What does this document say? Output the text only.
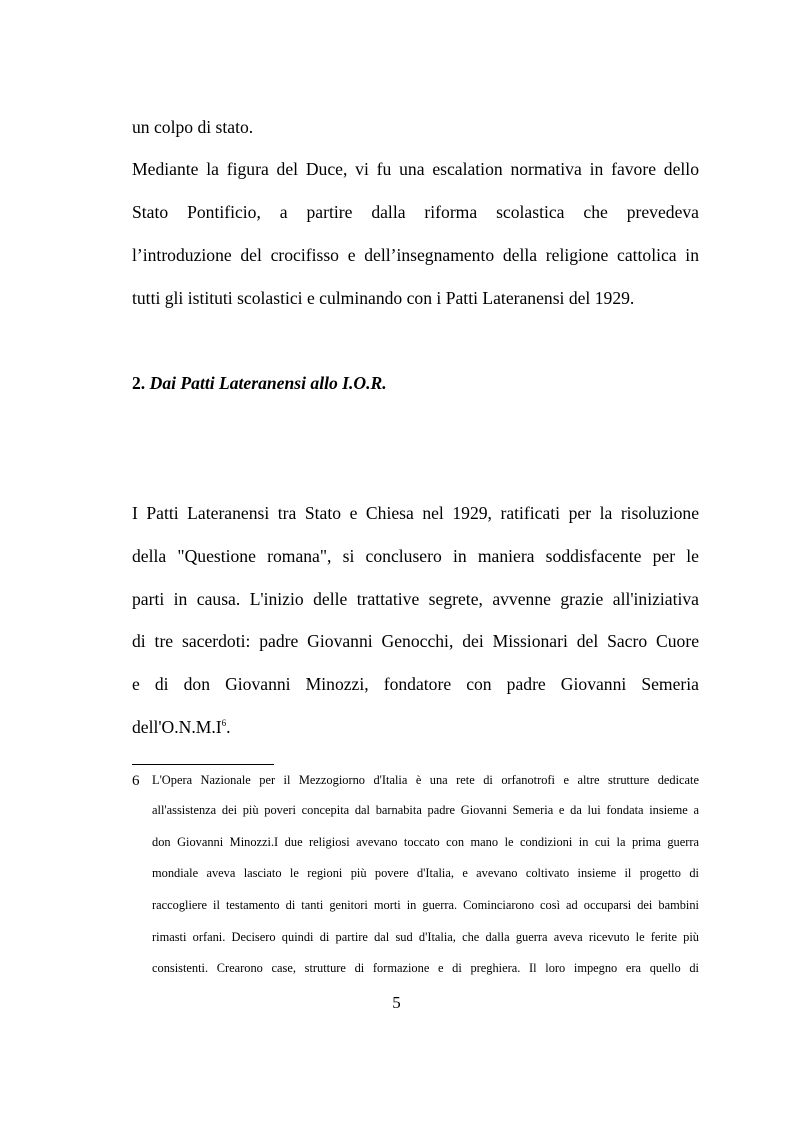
un colpo di stato.
Mediante la figura del Duce, vi fu una escalation normativa in favore dello
Stato Pontificio, a partire dalla riforma scolastica che prevedeva
l’introduzione del crocifisso e dell’insegnamento della religione cattolica in
tutti gli istituti scolastici e culminando con i Patti Lateranensi del 1929.
2. Dai Patti Lateranensi allo I.O.R.
I Patti Lateranensi tra Stato e Chiesa nel 1929, ratificati per la risoluzione
della "Questione romana", si conclusero in maniera soddisfacente per le
parti in causa. L'inizio delle trattative segrete, avvenne grazie all'iniziativa
di tre sacerdoti: padre Giovanni Genocchi, dei Missionari del Sacro Cuore
e di don Giovanni Minozzi, fondatore con padre Giovanni Semeria
$dell'O.N.M.I^6$.
6 L'Opera Nazionale per il Mezzogiorno d'Italia è una rete di orfanotrofi e altre strutture dedicate
all'assistenza dei più poveri concepita dal barnabita padre Giovanni Semeria e da lui fondata insieme a
don Giovanni Minozzi.I due religiosi avevano toccato con mano le condizioni in cui la prima guerra
mondiale aveva lasciato le regioni più povere d'Italia, e avevano coltivato insieme il progetto di
raccogliere il testamento di tanti genitori morti in guerra. Cominciarono così ad occuparsi dei bambini
rimasti orfani. Decisero quindi di partire dal sud d'Italia, che dalla guerra aveva ricevuto le ferite più
consistenti. Crearono case, strutture di formazione e di preghiera. Il loro impegno era quello di
5
